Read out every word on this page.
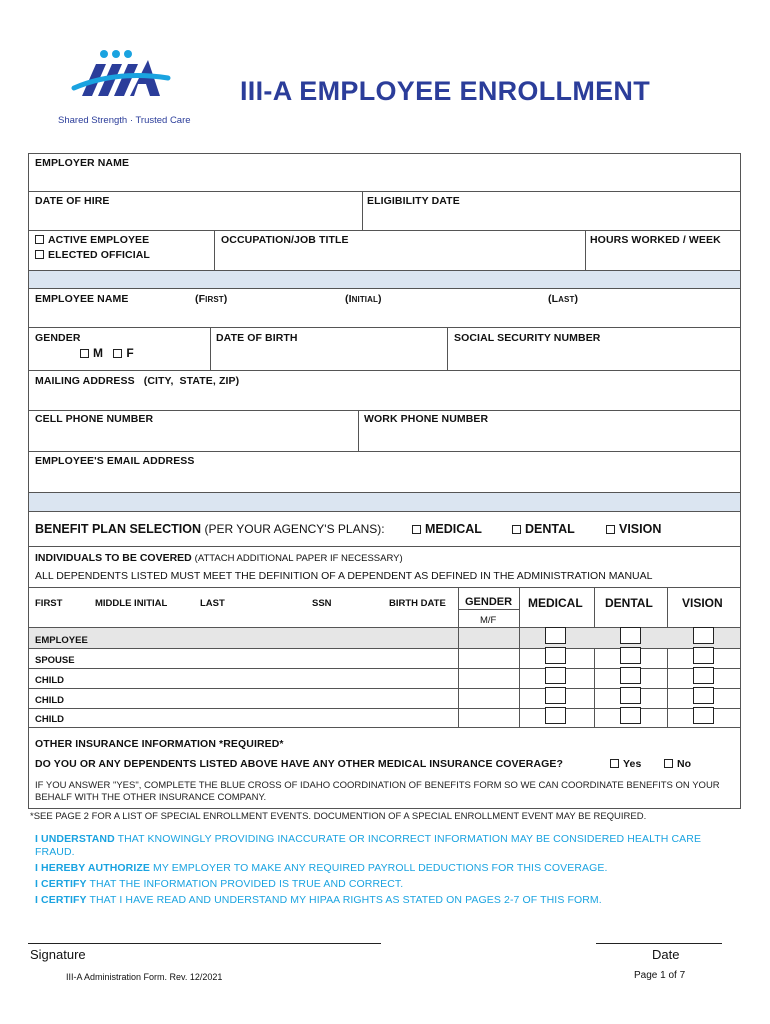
Shared Strength · Trusted Care
III-A EMPLOYEE ENROLLMENT
EMPLOYER NAME
DATE OF HIRE	ELIGIBILITY DATE
ACTIVE EMPLOYEE
ELECTED OFFICIAL
OCCUPATION/JOB TITLE	HOURS WORKED / WEEK
EMPLOYEE NAME	(FIRST)	(INITIAL)	(LAST)
GENDER
M F
DATE OF BIRTH	SOCIAL SECURITY NUMBER
MAILING ADDRESS   (CITY,  STATE, ZIP)
CELL PHONE NUMBER	WORK PHONE NUMBER
EMPLOYEE'S EMAIL ADDRESS
BENEFIT PLAN SELECTION (PER YOUR AGENCY'S PLANS):	MEDICAL	DENTAL	VISION
INDIVIDUALS TO BE COVERED (ATTACH ADDITIONAL PAPER IF NECESSARY)
ALL DEPENDENTS LISTED MUST MEET THE DEFINITION OF A DEPENDENT AS DEFINED IN THE ADMINISTRATION MANUAL
FIRST	MIDDLE INITIAL	LAST	SSN	BIRTH DATE GENDER
M/F
MEDICAL DENTAL VISION
EMPLOYEE
SPOUSE
CHILD
CHILD
CHILD
OTHER INSURANCE INFORMATION *REQUIRED*
DO YOU OR ANY DEPENDENTS LISTED ABOVE HAVE ANY OTHER MEDICAL INSURANCE COVERAGE?	Yes	No
IF YOU ANSWER "YES", COMPLETE THE BLUE CROSS OF IDAHO COORDINATION OF BENEFITS FORM SO WE CAN COORDINATE BENEFITS ON YOUR BEHALF WITH THE OTHER INSURANCE COMPANY.
*SEE PAGE 2 FOR A LIST OF SPECIAL ENROLLMENT EVENTS. DOCUMENTION OF A SPECIAL ENROLLMENT EVENT MAY BE REQUIRED.
I UNDERSTAND THAT KNOWINGLY PROVIDING INACCURATE OR INCORRECT INFORMATION MAY BE CONSIDERED HEALTH CARE FRAUD.
I HEREBY AUTHORIZE MY EMPLOYER TO MAKE ANY REQUIRED PAYROLL DEDUCTIONS FOR THIS COVERAGE.
I CERTIFY THAT THE INFORMATION PROVIDED IS TRUE AND CORRECT.
I CERTIFY THAT I HAVE READ AND UNDERSTAND MY HIPAA RIGHTS AS STATED ON PAGES 2-7 OF THIS FORM.
Signature	Date
III-A Administration Form. Rev. 12/2021	Page 1 of 7
